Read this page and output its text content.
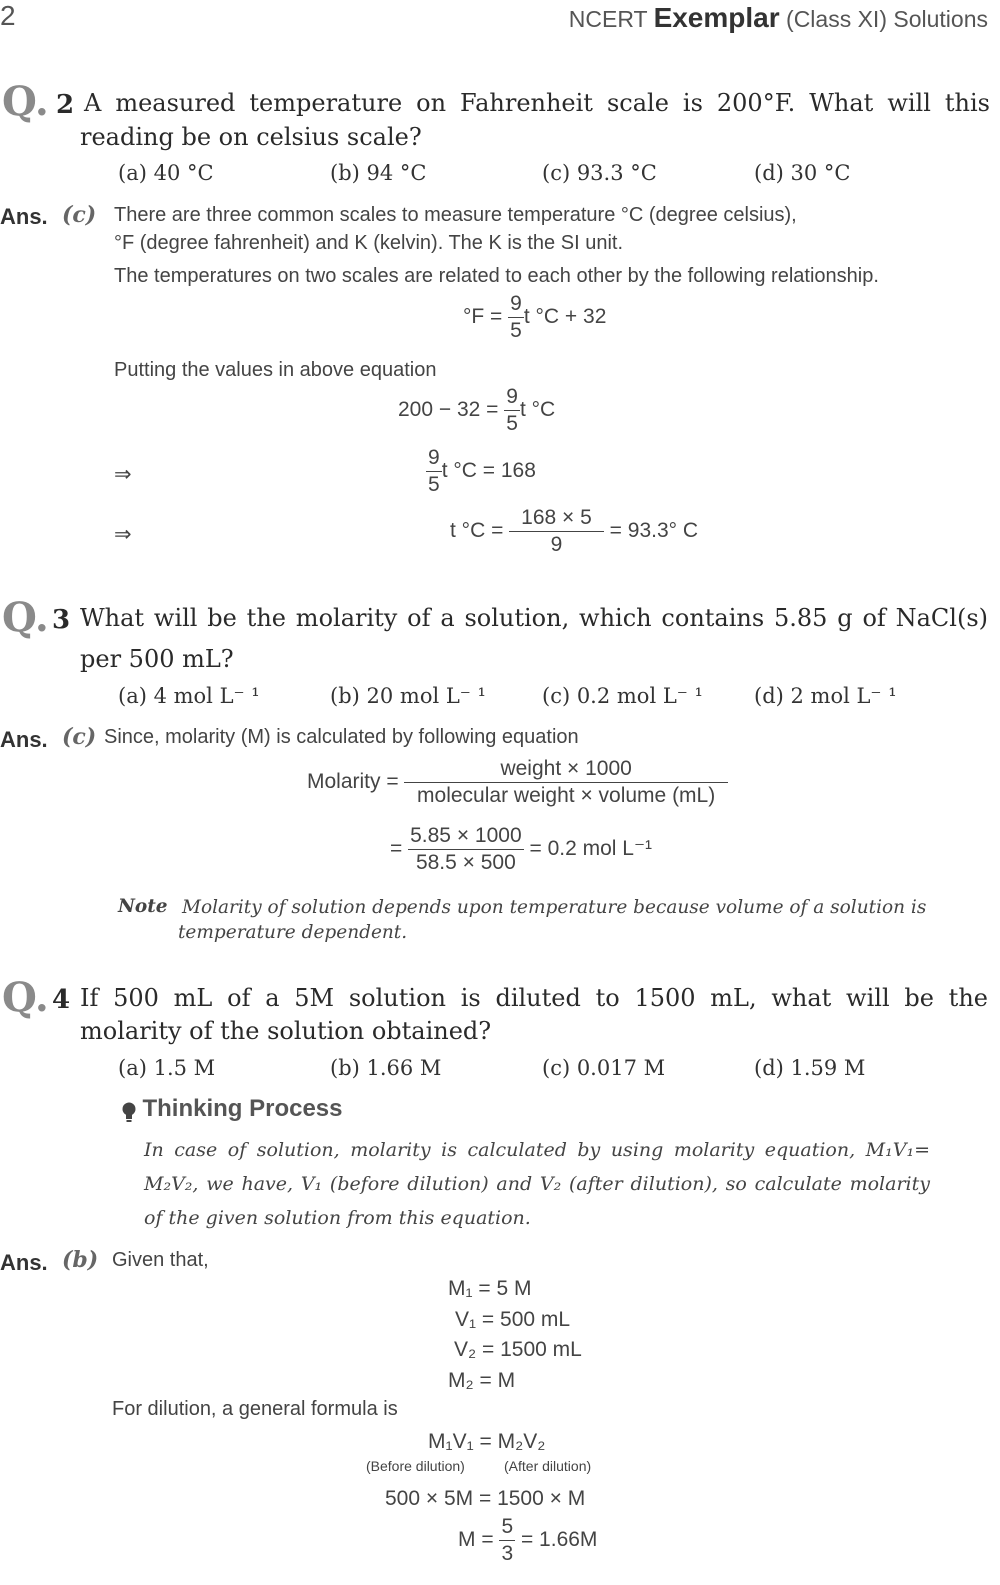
2	NCERT Exemplar (Class XI) Solutions
Q. 2 A measured temperature on Fahrenheit scale is 200°F. What will this
reading be on celsius scale?
(a) 40 °C	(b) 94 °C	(c) 93.3 °C	(d) 30 °C
Ans. (c) There are three common scales to measure temperature °C (degree celsius),
°F (degree fahrenheit) and K (kelvin). The K is the SI unit.
The temperatures on two scales are related to each other by the following relationship.
$^\circ F = \frac{9}{5}$ t °C + 32
Putting the values in above equation
$200 - 32 = \frac{9}{5}$ t °C
⇒	$\frac{9}{5}$ t °C = 168
⇒	t $^\circ C = \frac{168 \times 5}{9} = 93.3^\circ$ C
Q. 3 What will be the molarity of a solution, which contains 5.85 g of NaCl(s)
per 500 mL?
(a) 4 mol L⁻ ¹	(b) 20 mol L⁻ ¹	(c) 0.2 mol L⁻ ¹ (d) 2 mol L⁻ ¹
Ans. (c) Since, molarity (M) is calculated by following equation
Molarity = $\frac{\text{weight × 1000}}{\text{molecular weight × volume (mL)}}$
= $\frac{5.85 \times 1000}{58.5 \times 500} = 0.2$ mol L⁻¹
Note Molarity of solution depends upon temperature because volume of a solution is
temperature dependent.
Q. 4 If 500 mL of a 5M solution is diluted to 1500 mL, what will be the
molarity of the solution obtained?
(a) 1.5 M	(b) 1.66 M	(c) 0.017 M	(d) 1.59 M
Thinking Process
In case of solution, molarity is calculated by using molarity equation, M₁V₁= M₂V₂, we have, V₁ (before dilution) and V₂ (after dilution), so calculate molarity of the given solution from this equation.
Ans. (b) Given that,
M₁ = 5 M
V₁ = 500 mL
V₂ = 1500 mL
M₂ = M
For dilution, a general formula is
M₁V₁ = M₂V₂
(Before dilution)	(After dilution)
500 × 5M = 1500 × M
$M = \frac{5}{3} = 1.66M$
